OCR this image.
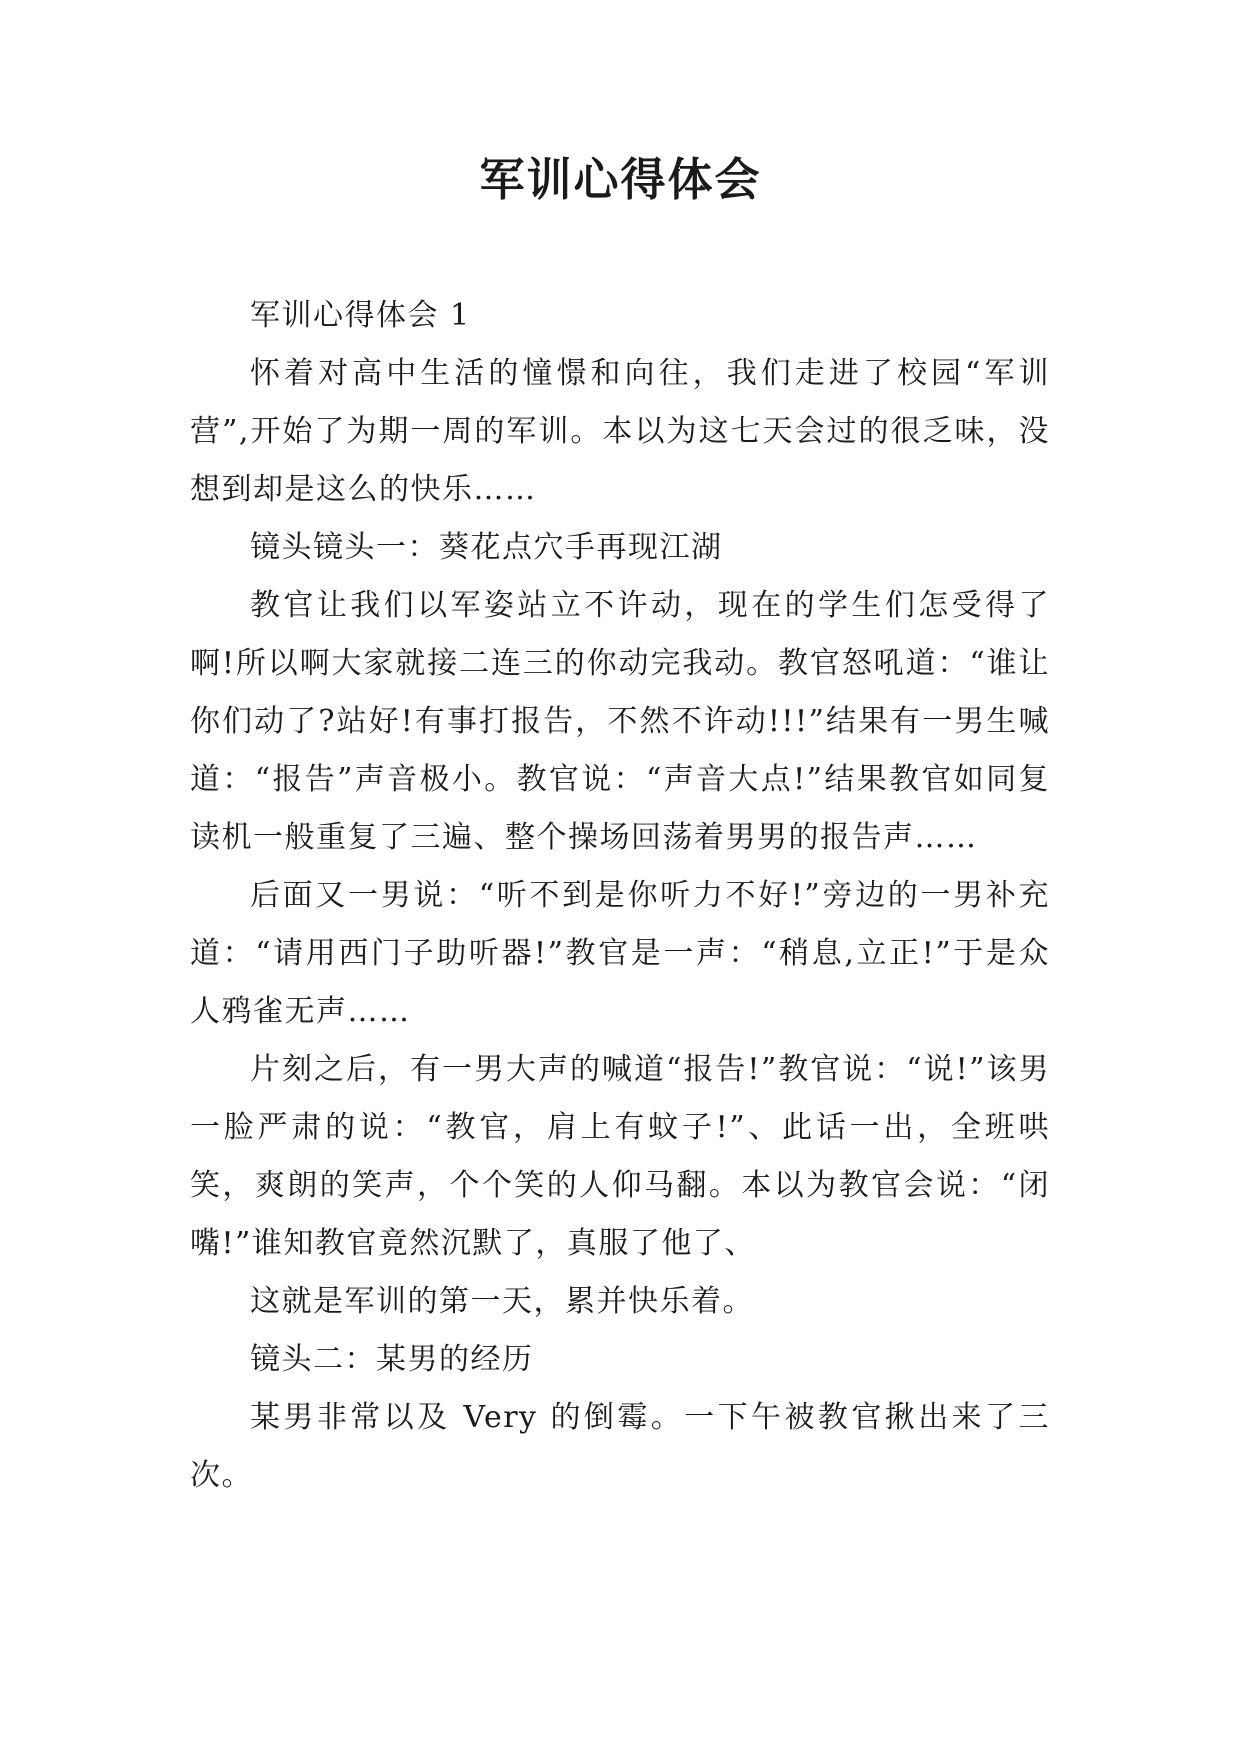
军训心得体会

军训心得体会 1

怀着对高中生活的憧憬和向往，我们走进了校园“军训营”,开始了为期一周的军训。本以为这七天会过的很乏味，没想到却是这么的快乐……

镜头镜头一：葵花点穴手再现江湖

教官让我们以军姿站立不许动，现在的学生们怎受得了啊!所以啊大家就接二连三的你动完我动。教官怒吼道：“谁让你们动了?站好!有事打报告，不然不许动!!!”结果有一男生喊道：“报告”声音极小。教官说：“声音大点!”结果教官如同复读机一般重复了三遍、整个操场回荡着男男的报告声……

后面又一男说：“听不到是你听力不好!”旁边的一男补充道：“请用西门子助听器!”教官是一声：“稍息,立正!”于是众人鸦雀无声……

片刻之后，有一男大声的喊道“报告!”教官说：“说!”该男一脸严肃的说：“教官，肩上有蚊子!”、此话一出，全班哄笑，爽朗的笑声，个个笑的人仰马翻。本以为教官会说：“闭嘴!”谁知教官竟然沉默了，真服了他了、

这就是军训的第一天，累并快乐着。

镜头二：某男的经历

某男非常以及 Very 的倒霉。一下午被教官揪出来了三次。
